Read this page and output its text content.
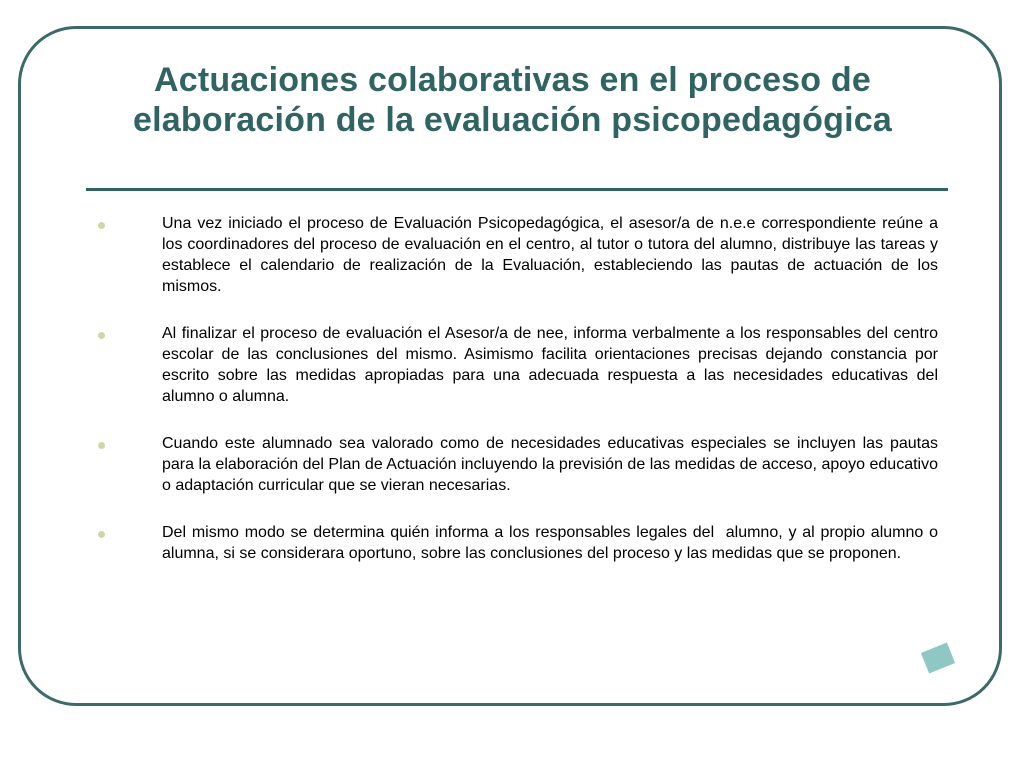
Actuaciones colaborativas en el proceso de elaboración de la evaluación psicopedagógica
Una vez iniciado el proceso de Evaluación Psicopedagógica, el asesor/a de n.e.e correspondiente reúne a los coordinadores del proceso de evaluación en el centro, al tutor o tutora del alumno, distribuye las tareas y establece el calendario de realización de la Evaluación, estableciendo las pautas de actuación de los mismos.
Al finalizar el proceso de evaluación el Asesor/a de nee, informa verbalmente a los responsables del centro escolar de las conclusiones del mismo. Asimismo facilita orientaciones precisas dejando constancia por escrito sobre las medidas apropiadas para una adecuada respuesta a las necesidades educativas del alumno o alumna.
Cuando este alumnado sea valorado como de necesidades educativas especiales se incluyen las pautas para la elaboración del Plan de Actuación incluyendo la previsión de las medidas de acceso, apoyo educativo o adaptación curricular que se vieran necesarias.
Del mismo modo se determina quién informa a los responsables legales del  alumno, y al propio alumno o alumna, si se considerara oportuno, sobre las conclusiones del proceso y las medidas que se proponen.
